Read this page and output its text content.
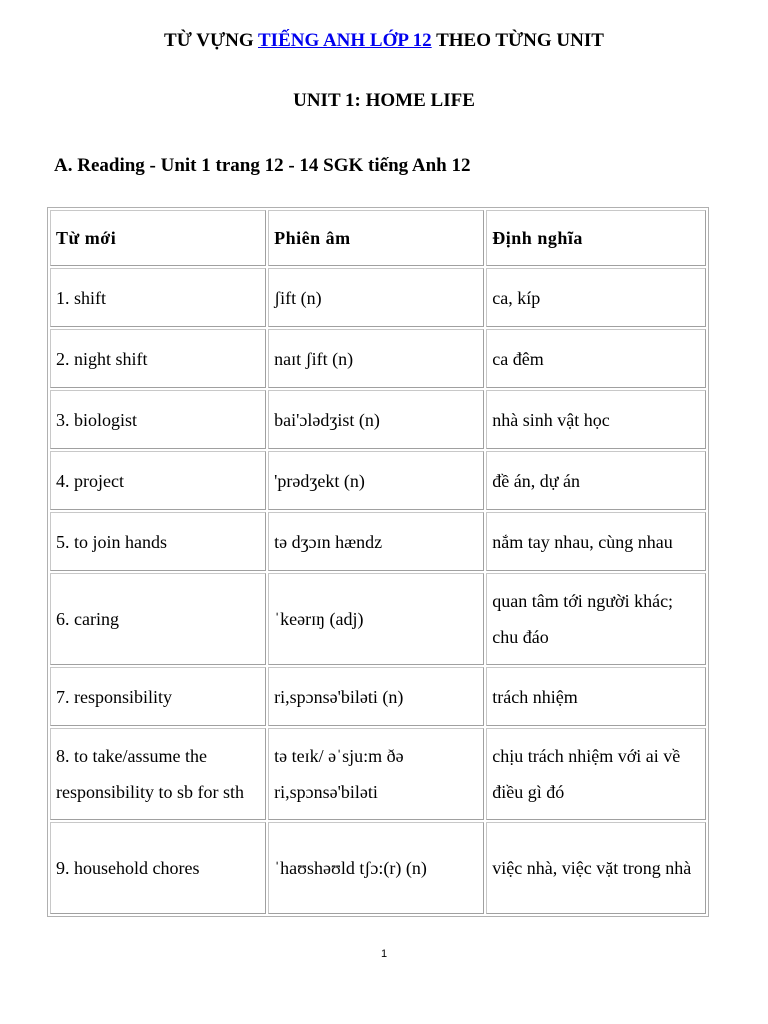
TỪ VỰNG TIẾNG ANH LỚP 12 THEO TỪNG UNIT
UNIT 1: HOME LIFE
A. Reading - Unit 1 trang 12 - 14 SGK tiếng Anh 12
Từ mới	Phiên âm	Định nghĩa
1. shift	ʃift (n)	ca, kíp
2. night shift	naɪt ʃift (n)	ca đêm
3. biologist	bai'ɔlədʒist (n)	nhà sinh vật học
4. project	'prədʒekt (n)	đề án, dự án
5. to join hands	tə dʒɔɪn hændz	nắm tay nhau, cùng nhau
6. caring	ˈkeərɪŋ (adj)	quan tâm tới người khác; chu đáo
7. responsibility	ri,spɔnsə'biləti (n)	trách nhiệm
8. to take/assume the responsibility to sb for sth	tə teɪk/ əˈsju:m ðə ri,spɔnsə'biləti	chịu trách nhiệm với ai về điều gì đó
9. household chores	ˈhaʊshəʊld tʃɔ:(r) (n)	việc nhà, việc vặt trong nhà
1
